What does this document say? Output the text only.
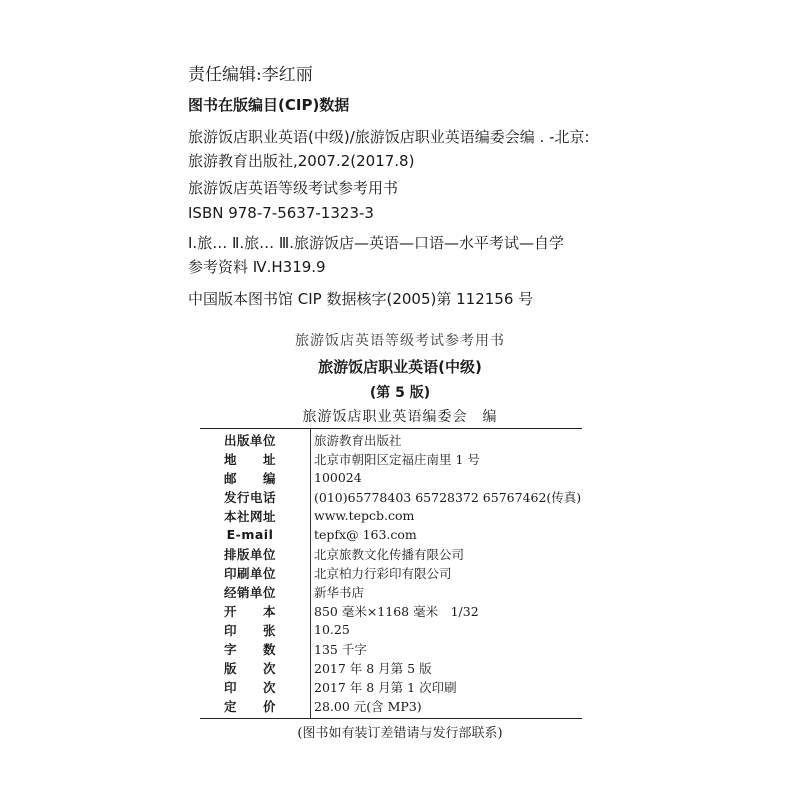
责任编辑:李红丽
图书在版编目(CIP)数据
旅游饭店职业英语(中级)/旅游饭店职业英语编委会编 . -北京:
旅游教育出版社,2007.2(2017.8)
旅游饭店英语等级考试参考用书
ISBN 978-7-5637-1323-3
Ⅰ.旅… Ⅱ.旅… Ⅲ.旅游饭店—英语—口语—水平考试—自学
参考资料 Ⅳ.H319.9
中国版本图书馆 CIP 数据核字(2005)第 112156 号
旅游饭店英语等级考试参考用书
旅游饭店职业英语(中级)
(第 5 版)
旅游饭店职业英语编委会　编
出版单位	旅游教育出版社
地　　址	北京市朝阳区定福庄南里 1 号
邮　　编	100024
发行电话	(010)65778403 65728372 65767462(传真)
本社网址	www.tepcb.com
E-mail	tepfx@ 163.com
排版单位	北京旅教文化传播有限公司
印刷单位	北京柏力行彩印有限公司
经销单位	新华书店
开　　本	850 毫米×1168 毫米　1/32
印　　张	10.25
字　　数	135 千字
版　　次	2017 年 8 月第 5 版
印　　次	2017 年 8 月第 1 次印刷
定　　价	28.00 元(含 MP3)
(图书如有装订差错请与发行部联系)
